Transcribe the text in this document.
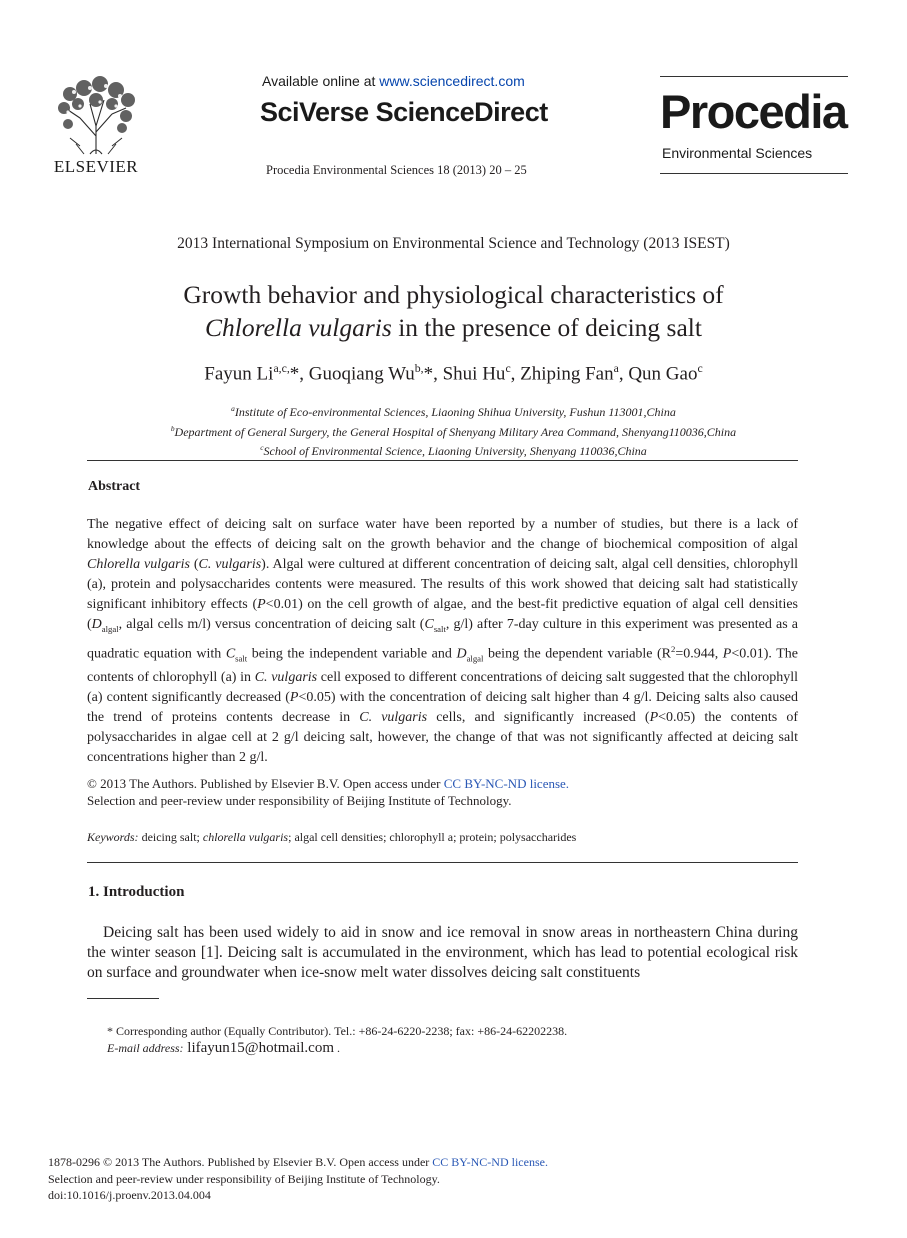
ELSEVIER
Available online at www.sciencedirect.com
SciVerse ScienceDirect
Procedia Environmental Sciences 18 (2013) 20 – 25
Procedia
Environmental Sciences
2013 International Symposium on Environmental Science and Technology (2013 ISEST)
Growth behavior and physiological characteristics of
Chlorella vulgaris in the presence of deicing salt
Fayun $Li^{a,c,}*$, Guoqiang $Wu^{b,}*$, Shui Hu$^c$, Zhiping Fan$^a$, Qun Gao$^c$
$^a$Institute of Eco-environmental Sciences, Liaoning Shihua University, Fushun 113001,China
$^b$Department of General Surgery, the General Hospital of Shenyang Military Area Command, Shenyang110036,China
$^c$School of Environmental Science, Liaoning University, Shenyang 110036,China
Abstract
The negative effect of deicing salt on surface water have been reported by a number of studies, but there is a lack of knowledge about the effects of deicing salt on the growth behavior and the change of biochemical composition of algal Chlorella vulgaris (C. vulgaris). Algal were cultured at different concentration of deicing salt, algal cell densities, chlorophyll (a), protein and polysaccharides contents were measured. The results of this work showed that deicing salt had statistically significant inhibitory effects (P<0.01) on the cell growth of algae, and the best-fit predictive equation of algal cell densities ($D_{algal}$, algal cells m/l) versus concentration of deicing salt ($C_{salt}$, g/l) after 7-day culture in this experiment was presented as a quadratic equation with $C_{salt}$ being the independent variable and $D_{algal}$ being the dependent variable ($R^2=0.944$, P<0.01). The contents of chlorophyll (a) in C. vulgaris cell exposed to different concentrations of deicing salt suggested that the chlorophyll (a) content significantly decreased (P<0.05) with the concentration of deicing salt higher than 4 g/l. Deicing salts also caused the trend of proteins contents decrease in C. vulgaris cells, and significantly increased (P<0.05) the contents of polysaccharides in algae cell at 2 g/l deicing salt, however, the change of that was not significantly affected at deicing salt concentrations higher than 2 g/l.
© 2013 The Authors. Published by Elsevier B.V. Open access under CC BY-NC-ND license.
Selection and peer-review under responsibility of Beijing Institute of Technology.
Keywords: deicing salt; chlorella vulgaris; algal cell densities; chlorophyll a; protein; polysaccharides
1. Introduction
Deicing salt has been used widely to aid in snow and ice removal in snow areas in northeastern China during the winter season [1]. Deicing salt is accumulated in the environment, which has lead to potential ecological risk on surface and groundwater when ice-snow melt water dissolves deicing salt constituents
* Corresponding author (Equally Contributor). Tel.: +86-24-6220-2238; fax: +86-24-62202238.
E-mail address: lifayun15@hotmail.com .
1878-0296 © 2013 The Authors. Published by Elsevier B.V. Open access under CC BY-NC-ND license.
Selection and peer-review under responsibility of Beijing Institute of Technology.
doi:10.1016/j.proenv.2013.04.004
